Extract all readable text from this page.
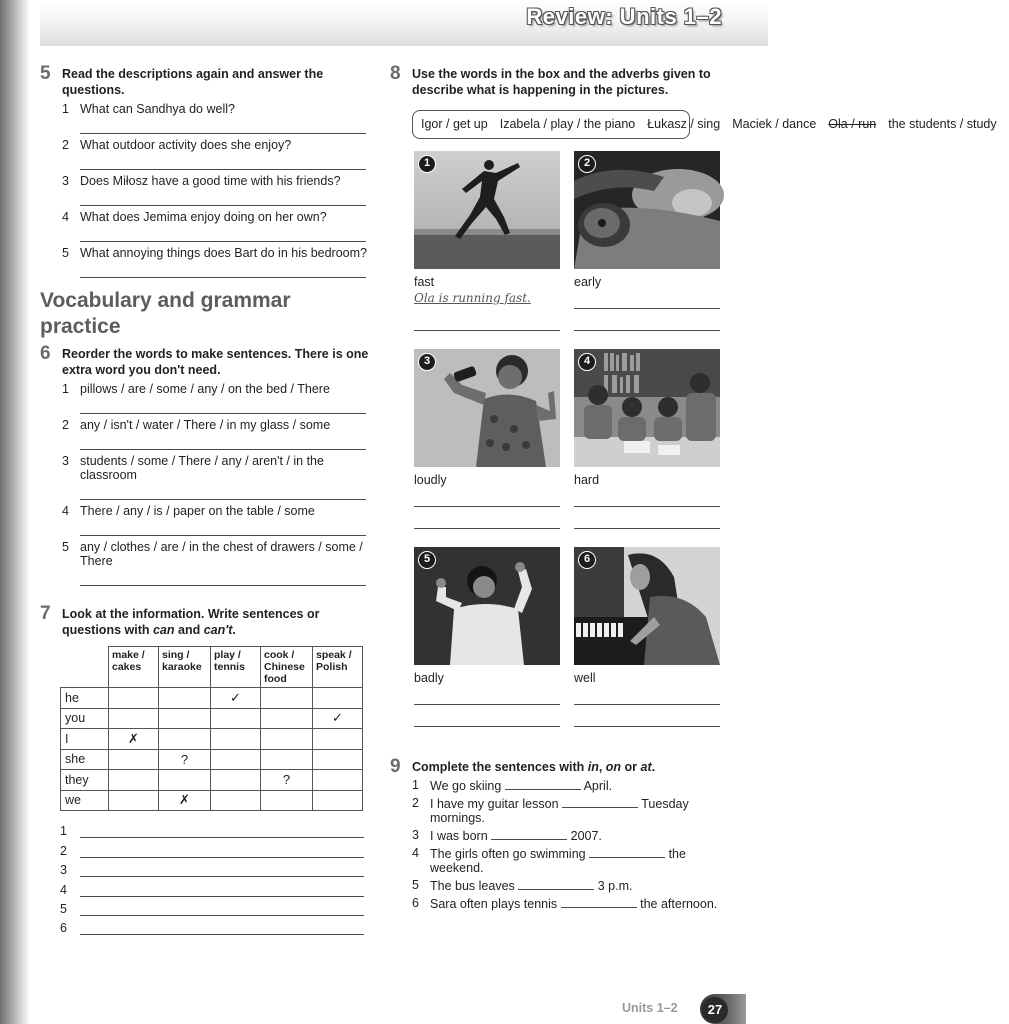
Review: Units 1–2
5 Read the descriptions again and answer the questions.
1 What can Sandhya do well?
2 What outdoor activity does she enjoy?
3 Does Miłosz have a good time with his friends?
4 What does Jemima enjoy doing on her own?
5 What annoying things does Bart do in his bedroom?
Vocabulary and grammar practice
6 Reorder the words to make sentences. There is one extra word you don't need.
1 pillows / are / some / any / on the bed / There
2 any / isn't / water / There / in my glass / some
3 students / some / There / any / aren't / in the classroom
4 There / any / is / paper on the table / some
5 any / clothes / are / in the chest of drawers / some / There
7 Look at the information. Write sentences or questions with can and can't.
	make / cakes	sing / karaoke	play / tennis	cook / Chinese food	speak / Polish
he			✓		
you					✓
I	✗				
she		?			
they				?	
we		✗			
1
2
3
4
5
6
8 Use the words in the box and the adverbs given to describe what is happening in the pictures.
Igor / get up Izabela / play / the piano Łukasz / sing Maciek / dance Ola / run the students / study
1
fast
Ola is running fast.
2
early
3
loudly
4
hard
5
badly
6
well
9 Complete the sentences with in, on or at.
1 We go skiing	April.
2 I have my guitar lesson	Tuesday mornings.
3 I was born	2007.
4 The girls often go swimming	the weekend.
5 The bus leaves	3 p.m.
6 Sara often plays tennis	the afternoon.
Units 1–2	27
